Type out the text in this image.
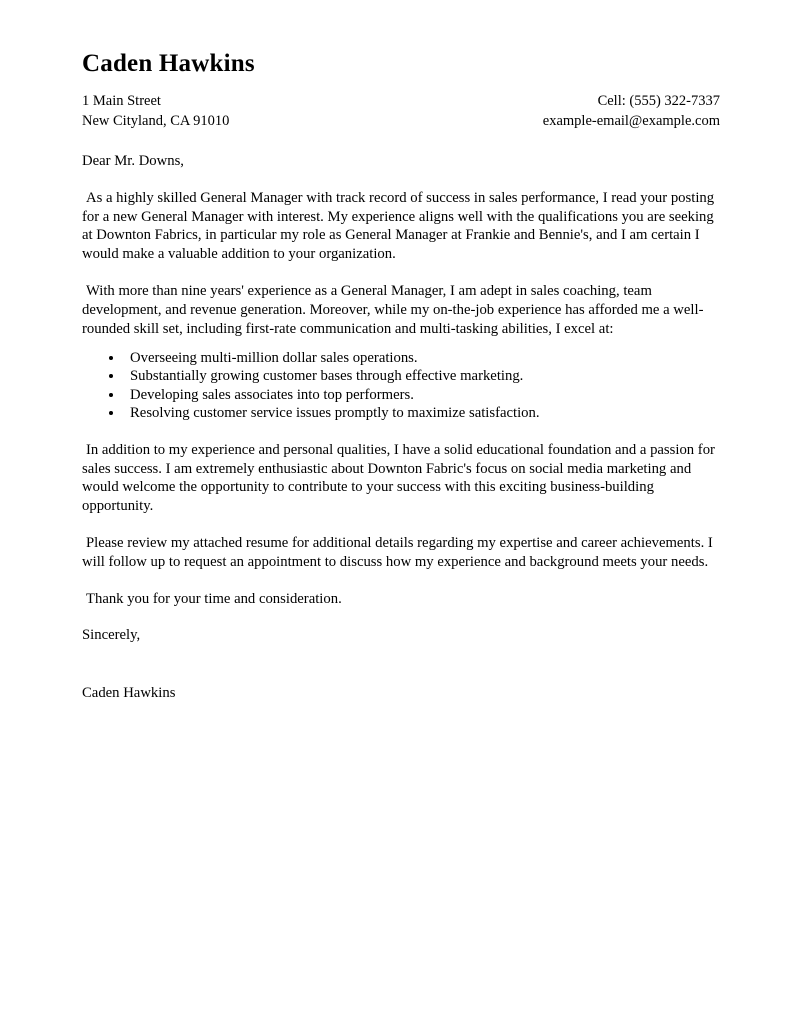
Caden Hawkins
1 Main Street
New Cityland, CA 91010
Cell: (555) 322-7337
example-email@example.com
Dear Mr. Downs,

As a highly skilled General Manager with track record of success in sales performance, I read your posting for a new General Manager with interest. My experience aligns well with the qualifications you are seeking at Downton Fabrics, in particular my role as General Manager at Frankie and Bennie's, and I am certain I would make a valuable addition to your organization.

With more than nine years' experience as a General Manager, I am adept in sales coaching, team development, and revenue generation. Moreover, while my on-the-job experience has afforded me a well-rounded skill set, including first-rate communication and multi-tasking abilities, I excel at:

• Overseeing multi-million dollar sales operations.
• Substantially growing customer bases through effective marketing.
• Developing sales associates into top performers.
• Resolving customer service issues promptly to maximize satisfaction.

In addition to my experience and personal qualities, I have a solid educational foundation and a passion for sales success. I am extremely enthusiastic about Downton Fabric's focus on social media marketing and would welcome the opportunity to contribute to your success with this exciting business-building opportunity.

Please review my attached resume for additional details regarding my expertise and career achievements. I will follow up to request an appointment to discuss how my experience and background meets your needs.

Thank you for your time and consideration.
Sincerely,
Caden Hawkins
